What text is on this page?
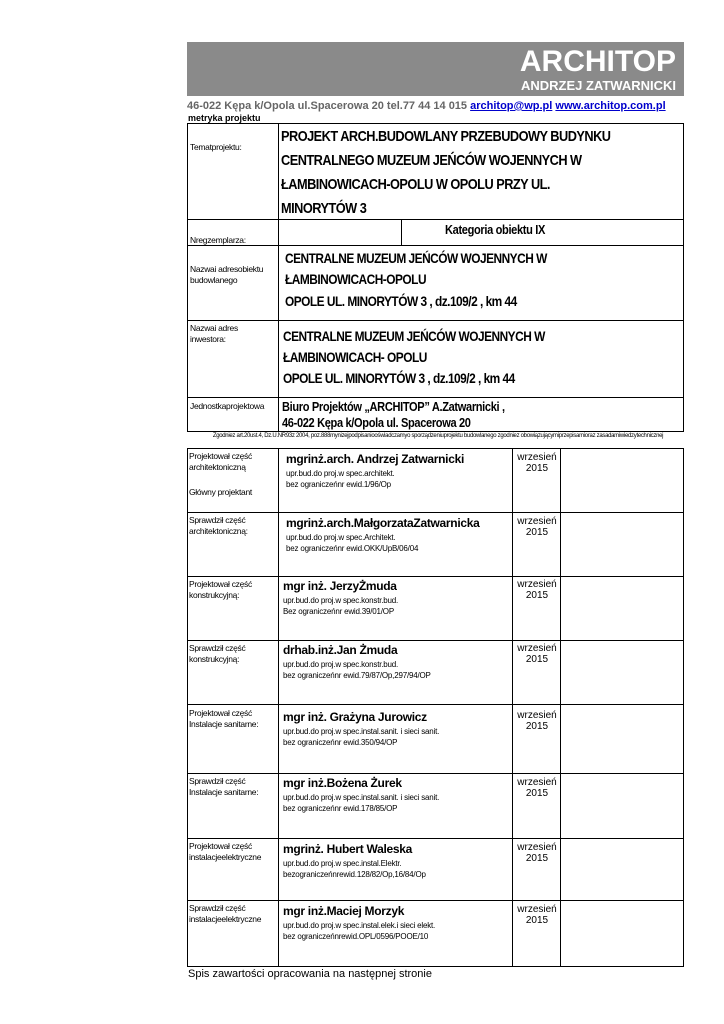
ARCHITOP
ANDRZEJ ZATWARNICKI
46-022 Kępa k/Opola ul.Spacerowa 20 tel.77 44 14 015 architop@wp.pl www.architop.com.pl
metryka projektu
Tematprojektu:
PROJEKT ARCH.BUDOWLANY PRZEBUDOWY BUDYNKU
CENTRALNEGO MUZEUM JEŃCÓW WOJENNYCH W
ŁAMBINOWICACH-OPOLU W OPOLU PRZY UL.
MINORYTÓW 3
Nregzemplarza:
Kategoria obiektu IX
Nazwai adresobiektu
budowlanego
CENTRALNE MUZEUM JEŃCÓW WOJENNYCH W
ŁAMBINOWICACH-OPOLU
OPOLE UL. MINORYTÓW 3 , dz.109/2 , km 44
Nazwai adres
inwestora:	CENTRALNE MUZEUM JEŃCÓW WOJENNYCH W
ŁAMBINOWICACH- OPOLU
OPOLE UL. MINORYTÓW 3 , dz.109/2 , km 44
Jednostkaprojektowa Biuro Projektów „ARCHITOP” A.Zatwarnicki ,
46-022 Kępa k/Opola ul. Spacerowa 20
Zgodniez art.20ust.4, Dz.U.NR93z 2004, poz.888mynizejpodpisaniooświadczamyo sporządzeniuprojektu budowlanego zgodniez obowiązującymiprzepisamioraz zasadamiwiedzytechnicznej
Projektował część
architektoniczną
Główny projektant
mgrinż.arch. Andrzej Zatwarnicki
upr.bud.do proj.w spec.architekt.
bez ograniczeńnr ewid.1/96/Op
wrzesień
2015
Sprawdził część
architektoniczną:
mgrinż.arch.MałgorzataZatwarnicka
upr.bud.do proj.w spec.Architekt.
bez ograniczeńnr ewid.OKK/UpB/06/04
wrzesień
2015
Projektował część
konstrukcyjną:
mgr inż. JerzyŻmuda
upr.bud.do proj.w spec.konstr.bud.
Bez ograniczeńnr ewid.39/01/OP
wrzesień
2015
Sprawdził część
konstrukcyjną:
drhab.inż.Jan Żmuda
upr.bud.do proj.w spec.konstr.bud.
bez ograniczeńnr ewid.79/87/Op,297/94/OP
wrzesień
2015
Projektował część
Instalacje sanitarne:	mgr inż. Grażyna Jurowicz
upr.bud.do proj.w spec.instal.sanit. i sieci sanit.
bez ograniczeńnr ewid.350/94/OP
wrzesień
2015
Sprawdził część
Instalacje sanitarne:
mgr inż.Bożena Żurek
upr.bud.do proj.w spec.instal.sanit. i sieci sanit.
bez ograniczeńnr ewid.178/85/OP
wrzesień
2015
Projektował część
instalacjeelektryczne
mgrinż. Hubert Waleska
upr.bud.do proj.w spec.instal.Elektr.
bezograniczeńnrewid.128/82/Op,16/84/Op
wrzesień
2015
Sprawdził część
instalacjeelektryczne
mgr inż.Maciej Morzyk
upr.bud.do proj.w spec.instal.elek.i sieci elekt.
bez ograniczeńnrewid.OPL/0596/POOE/10
wrzesień
2015
Spis zawartości opracowania na następnej stronie
